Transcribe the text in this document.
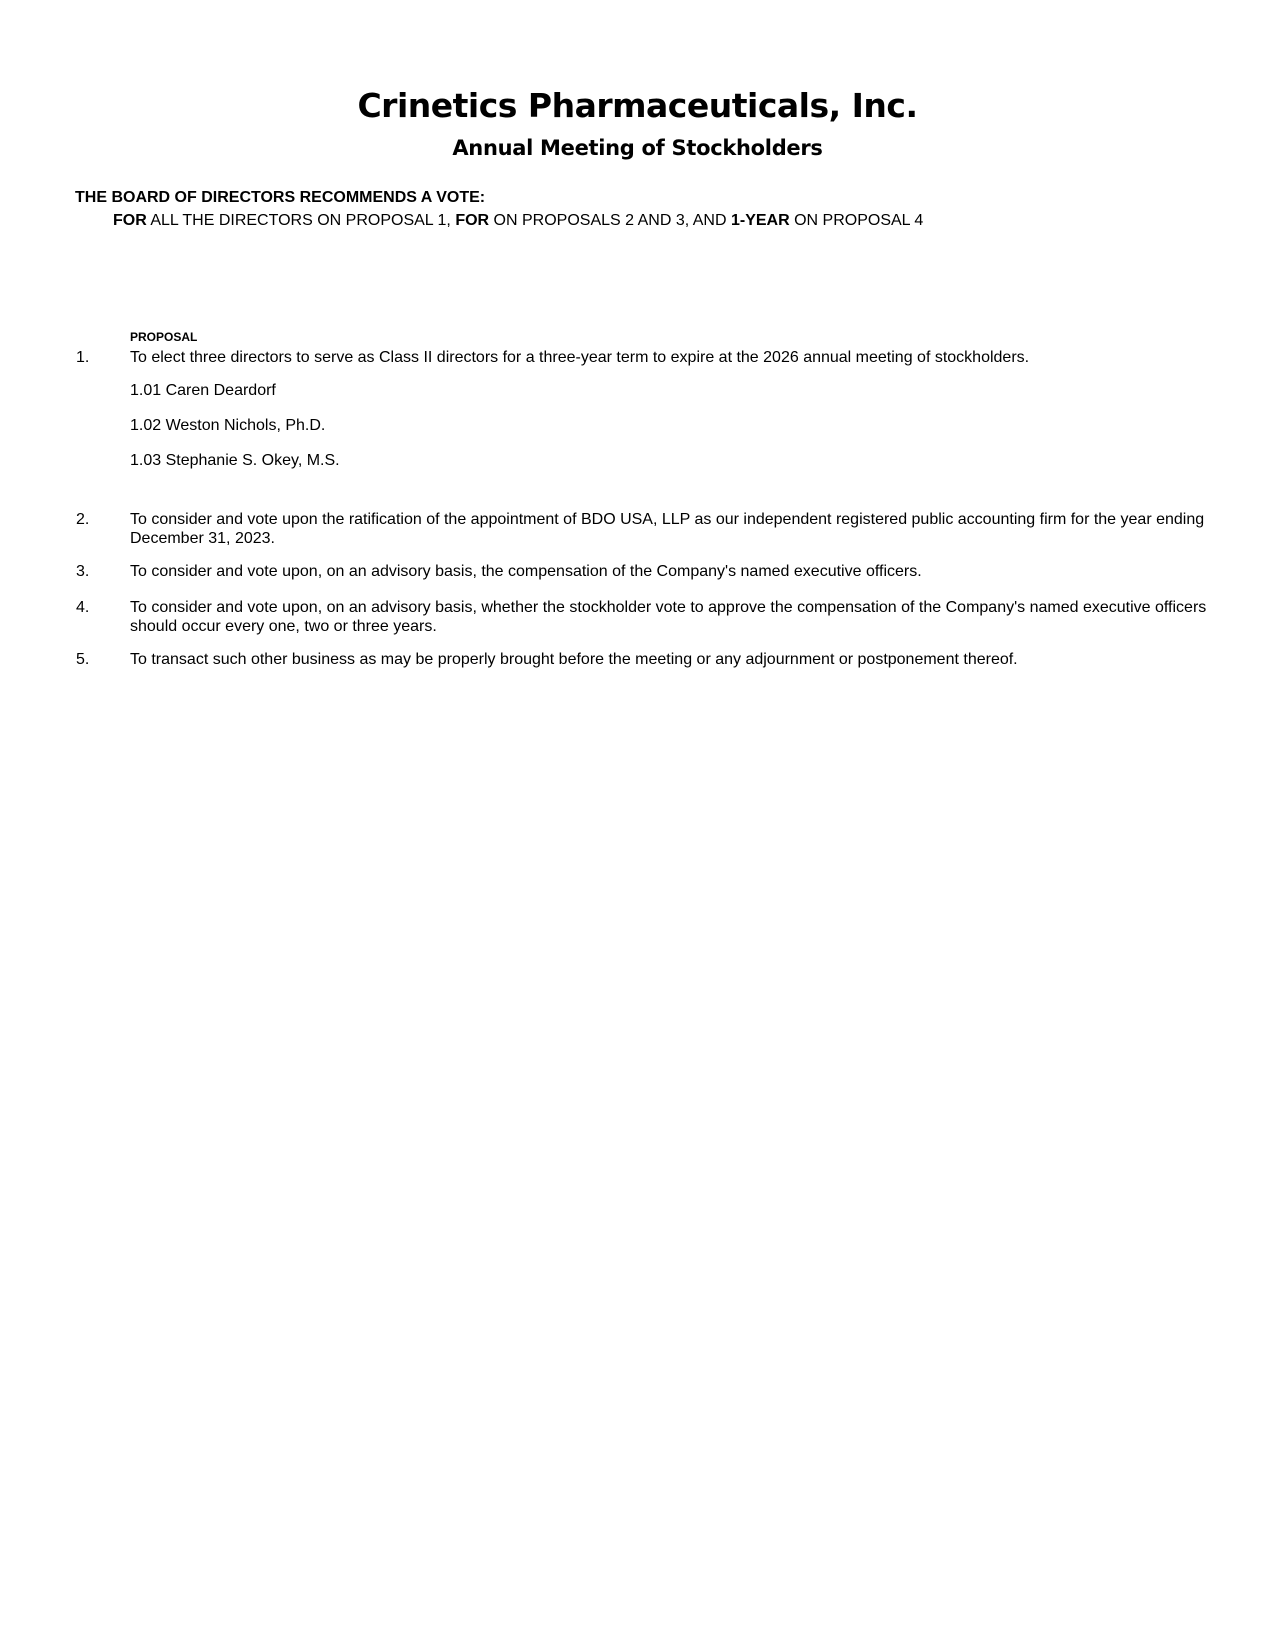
Crinetics Pharmaceuticals, Inc.
Annual Meeting of Stockholders
THE BOARD OF DIRECTORS RECOMMENDS A VOTE:
FOR ALL THE DIRECTORS ON PROPOSAL 1, FOR ON PROPOSALS 2 AND 3, AND 1-YEAR ON PROPOSAL 4
PROPOSAL
1.	To elect three directors to serve as Class II directors for a three-year term to expire at the 2026 annual meeting of stockholders.
1.01 Caren Deardorf
1.02 Weston Nichols, Ph.D.
1.03 Stephanie S. Okey, M.S.
2.	To consider and vote upon the ratification of the appointment of BDO USA, LLP as our independent registered public accounting firm for the year ending December 31, 2023.
3.	To consider and vote upon, on an advisory basis, the compensation of the Company's named executive officers.
4.	To consider and vote upon, on an advisory basis, whether the stockholder vote to approve the compensation of the Company's named executive officers should occur every one, two or three years.
5.	To transact such other business as may be properly brought before the meeting or any adjournment or postponement thereof.
